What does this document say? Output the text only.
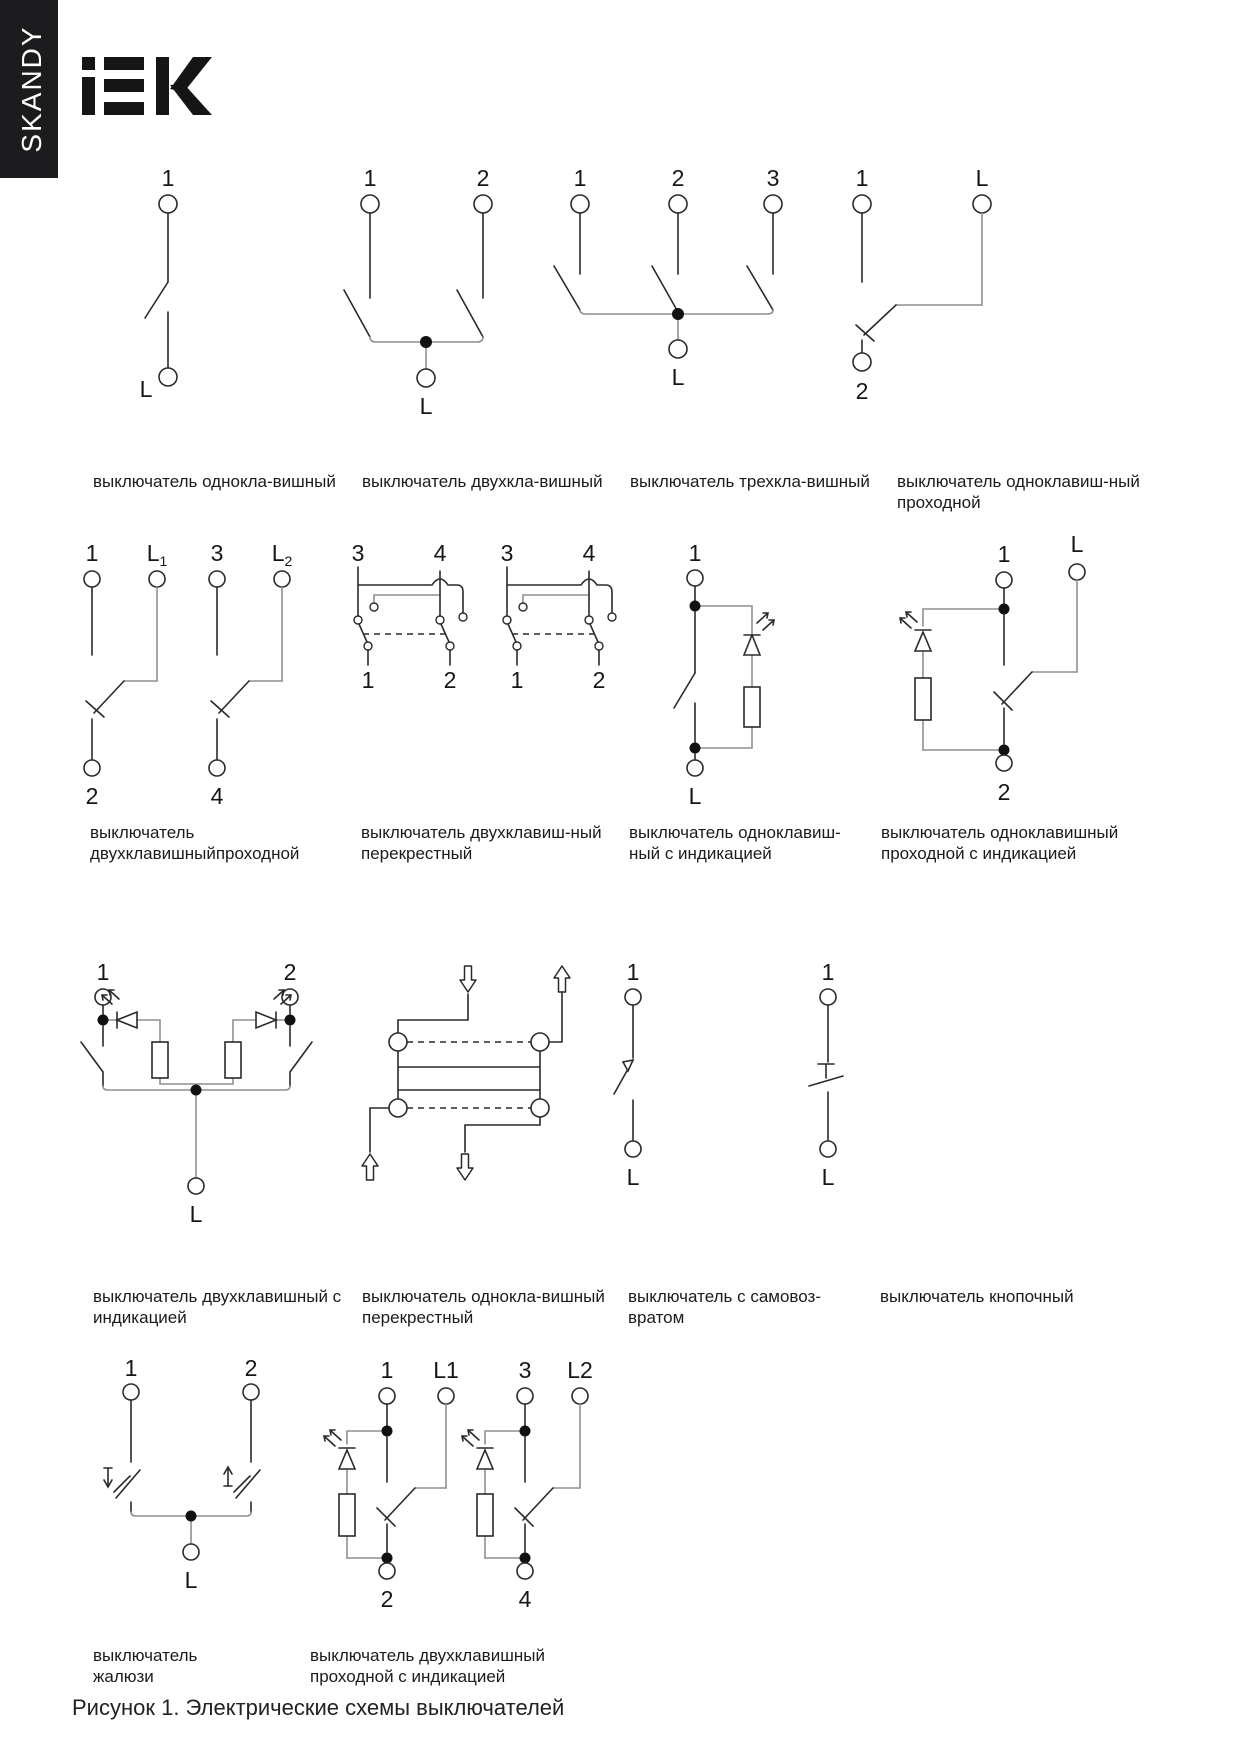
SKANDY
1
L
1	2
L
1	2	3
L
1	L
2
выключатель однокла-вишный выключатель двухкла-вишный выключатель трехкла-вишный выключатель одноклавиш-ный
проходной
1 $L_1$ 3 $L_2$
2	4
3	4
1	2
3	4
1	2
1
L
1	L
2
выключатель
двухклавишныйпроходной
выключатель двухклавиш-ный
перекрестный
выключатель одноклавиш-
ный с индикацией
выключатель одноклавишный
проходной с индикацией
1	2
L
1
L
1
L
выключатель двухклавишный с
индикацией
выключатель однокла-вишный
перекрестный
выключатель с самовоз-
вратом
выключатель кнопочный
1	2
L
1 L1	3 L2
2	4
выключатель
жалюзи
выключатель двухклавишный
проходной с индикацией
Рисунок 1. Электрические схемы выключателей
